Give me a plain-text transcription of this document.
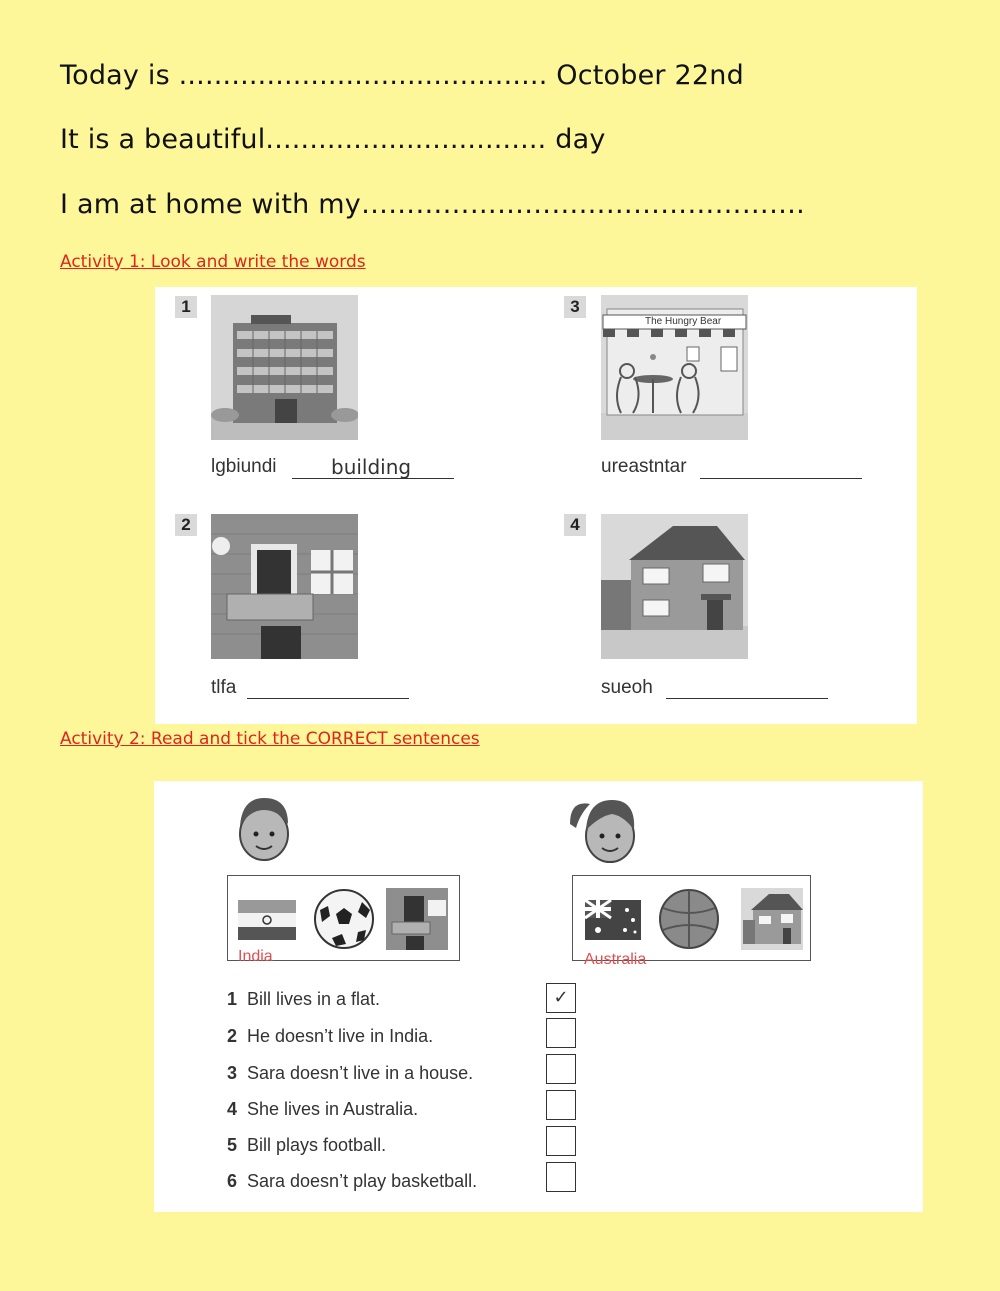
Today is .......................................... October 22nd
It is a beautiful................................ day
I am at home with my………………………………………….
Activity 1: Look and write the words
1
lgbiundi	building
2
tlfa
3
ureastntar
4
sueoh
Activity 2: Read and tick the CORRECT sentences
India	Australia
1 Bill lives in a flat.	✓
2 He doesn’t live in India.
3 Sara doesn’t live in a house.
4 She lives in Australia.
5 Bill plays football.
6 Sara doesn’t play basketball.
The Hungry Bear
